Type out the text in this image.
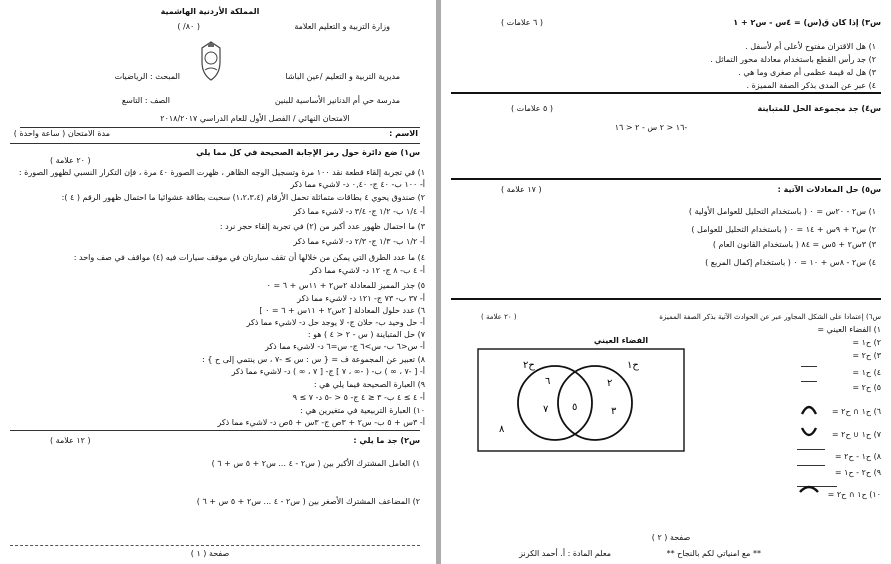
المملكة الأردنية الهاشمية
وزارة التربية و التعليم العلامة
( ٨٠/ )
مديرية التربية و التعليم /عين الباشا
المبحث : الرياضيات
مدرسة حي أم الدنانير الأساسية للبنين
الصف : التاسع
الامتحان النهائي / الفصل الأول للعام الدراسي ٢٠١٨/٢٠١٧
الاسم :
مدة الامتحان ( ساعة واحدة )
س١) ضع دائرة حول رمز الإجابة الصحيحة في كل مما يلي
( ٢٠ علامة )
١) في تجربة إلقاء قطعة نقد ١٠٠ مرة وتسجيل الوجه الظاهر ، ظهرت الصورة ٤٠ مرة ، فإن التكرار النسبي لظهور الصورة :
أ- ١٠٠ ب- ٤٠ ج- ٠,٤٠ د- لاشيء مما ذكر
٢) صندوق يحوي ٤ بطاقات متماثلة تحمل الأرقام (١،٢،٣،٤) سحبت بطاقة عشوائيا ما احتمال ظهور الرقم ( ٤ ):
أ- ١/٤ ب- ١/٢ ج- ٣/٤ د- لاشيء مما ذكر
٣) ما احتمال ظهور عدد أكبر من (٢) في تجربة إلقاء حجر نرد :
أ- ١/٢ ب- ١/٣ ج- ٢/٣ د- لاشيء مما ذكر
٤) ما عدد الطرق التي يمكن من خلالها أن تقف سيارتان في موقف سيارات فيه (٤) مواقف في صف واحد :
أ- ٤ ب- ٨ ج- ١٢ د- لاشيء مما ذكر
٥) جذر المميز للمعادلة ٢س٢ + ١١س + ٦ = ٠
أ- ٣٧ ب- ٧٣ ج- ١٢١ د- لاشيء مما ذكر
٦) عدد حلول المعادلة [ ٢س٢ + ١١س + ٦ = ٠ ]
أ- حل وحيد ب- حلان ج- لا يوجد حل د- لاشيء مما ذكر
٧) حل المتباينة ( س - ٢ < ٤ ) هو :
أ- س<٦ ب- س>٦ ج- س=٦ د- لاشيء مما ذكر
٨) تعبير عن المجموعة ف = { س : س ≥ -٧ ، س ينتمي إلى ح } :
أ- [ -٧ ، ∞ ) ب- ( -∞ ، ٧ ] ج- [ ٧ ، ∞ ) د- لاشيء مما ذكر
٩) العبارة الصحيحة فيما يلي هي :
أ- ٤ ≥ ٤ ب- ٣ ≤ ٤ ج- ٥ < -٥ د- ٧ ≥ ٩
١٠) العبارة التربيعية في متغيرين هي :
أ- ٣س + ٥ ب- س٢ + ٣ص ج- ٣س + ٥ص د- لاشيء مما ذكر
س٢) جد ما يلي :
( ١٢ علامة )
١) العامل المشترك الأكبر بين ( س٢ - ٤ ... س٢ + ٥ س + ٦ )
٢) المضاعف المشترك الأصغر بين ( س٢ - ٤ ... س٢ + ٥ س + ٦ )
صفحة ( ١ )
س٣) إذا كان ق(س) = ٤س - س٢ + ١
( ٦ علامات )
١) هل الاقتران مفتوح لأعلى أم لأسفل .
٢) جد رأس القطع باستخدام معادلة محور التماثل .
٣) هل له قيمة عظمى أم صغرى وما هي .
٤) عبر عن المدى بذكر الصفة المميزة .
س٤) جد مجموعة الحل للمتباينة
( ٥ علامات )
-١٦ < ٢ س - ٢ < ١٦
س٥) حل المعادلات الآتية :
( ١٧ علامة )
١) س٢ - ٢٠س = ٠ ( باستخدام التحليل للعوامل الأولية )
٢) س٢ + ٩س + ١٤ = ٠ ( باستخدام التحليل للعوامل )
٣) ٣س٢ + ٥س = ٨٤ ( باستخدام القانون العام )
٤) س٢ - ٨س + ١٠ = ٠ ( باستخدام إكمال المربع )
س٦) إعتمادا على الشكل المجاور عبر عن الحوادث الآتية بذكر الصفة المميزة
( ٢٠ علامة )
الفضاء العيني
ح٢	ح١
٦
٧ ٥
٢
٣
٨
١) الفضاء العيني =
٢) ح١ =
٣) ح٢ =
٤) ح١ =
٥) ح٢ =
٦) ح١ ∩ ح٢ =
٧) ح١ ∪ ح٢ =
٨) ح١ - ح٢ =
٩) ح٢ - ح١ =
١٠) ح١ ∩ ح٢ =
صفحة ( ٢ )
** مع امنياتي لكم بالنجاح **
معلم المادة : أ. أحمد الكرنز
